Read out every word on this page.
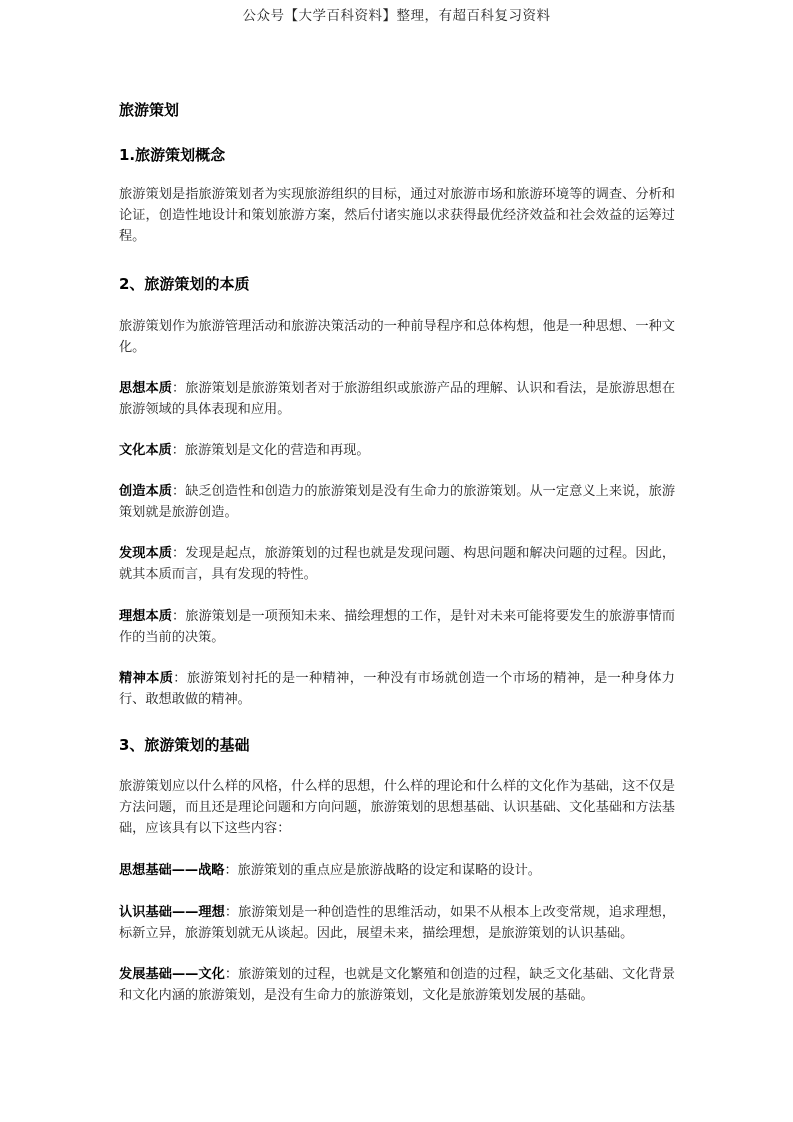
公众号【大学百科资料】整理，有超百科复习资料
旅游策划
1.旅游策划概念
旅游策划是指旅游策划者为实现旅游组织的目标，通过对旅游市场和旅游环境等的调查、分析和论证，创造性地设计和策划旅游方案，然后付诸实施以求获得最优经济效益和社会效益的运筹过程。
2、旅游策划的本质
旅游策划作为旅游管理活动和旅游决策活动的一种前导程序和总体构想，他是一种思想、一种文化。
思想本质：旅游策划是旅游策划者对于旅游组织或旅游产品的理解、认识和看法，是旅游思想在旅游领域的具体表现和应用。
文化本质：旅游策划是文化的营造和再现。
创造本质：缺乏创造性和创造力的旅游策划是没有生命力的旅游策划。从一定意义上来说，旅游策划就是旅游创造。
发现本质：发现是起点，旅游策划的过程也就是发现问题、构思问题和解决问题的过程。因此，就其本质而言，具有发现的特性。
理想本质：旅游策划是一项预知未来、描绘理想的工作，是针对未来可能将要发生的旅游事情而作的当前的决策。
精神本质：旅游策划衬托的是一种精神，一种没有市场就创造一个市场的精神，是一种身体力行、敢想敢做的精神。
3、旅游策划的基础
旅游策划应以什么样的风格，什么样的思想，什么样的理论和什么样的文化作为基础，这不仅是方法问题，而且还是理论问题和方向问题，旅游策划的思想基础、认识基础、文化基础和方法基础，应该具有以下这些内容：
思想基础——战略：旅游策划的重点应是旅游战略的设定和谋略的设计。
认识基础——理想：旅游策划是一种创造性的思维活动，如果不从根本上改变常规，追求理想，标新立异，旅游策划就无从谈起。因此，展望未来，描绘理想，是旅游策划的认识基础。
发展基础——文化：旅游策划的过程，也就是文化繁殖和创造的过程，缺乏文化基础、文化背景和文化内涵的旅游策划，是没有生命力的旅游策划，文化是旅游策划发展的基础。
